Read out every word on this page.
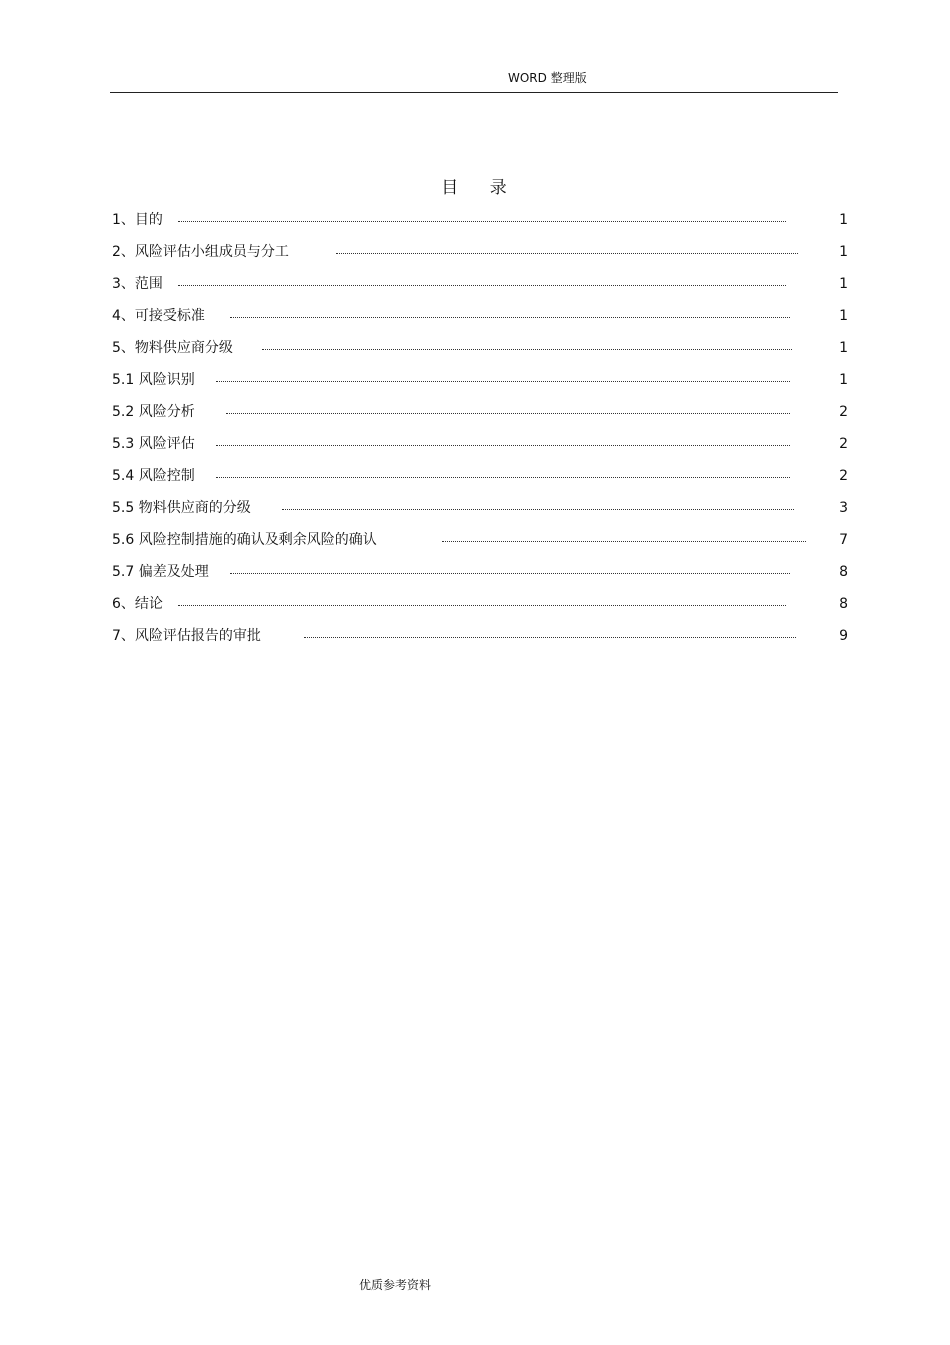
WORD 整理版
目    录
1、目的	1
2、风险评估小组成员与分工	1
3、范围	1
4、可接受标准	1
5、物料供应商分级	1
5.1 风险识别	1
5.2 风险分析	2
5.3 风险评估	2
5.4 风险控制	2
5.5 物料供应商的分级	3
5.6 风险控制措施的确认及剩余风险的确认	7
5.7 偏差及处理	8
6、结论	8
7、风险评估报告的审批	9
优质参考资料
